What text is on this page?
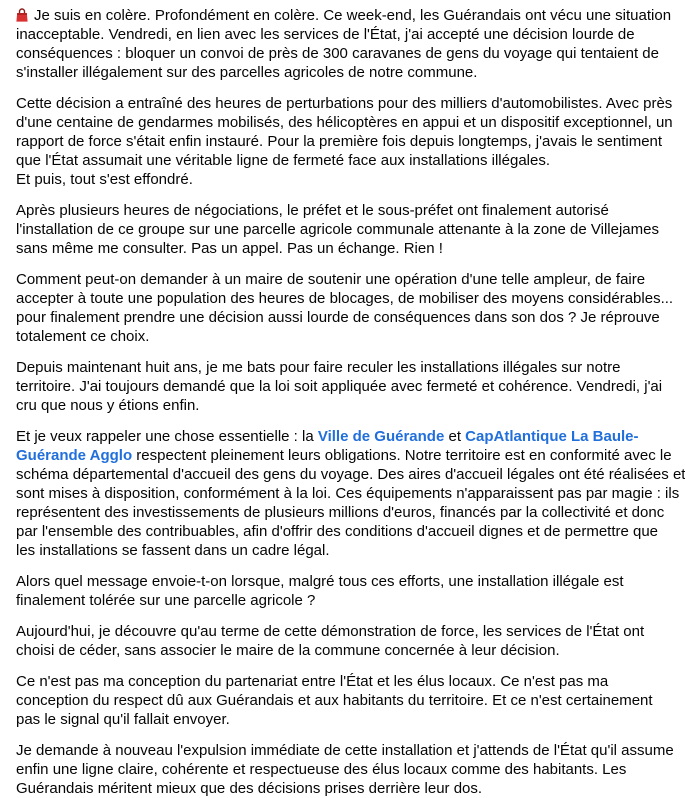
Je suis en colère. Profondément en colère. Ce week-end, les Guérandais ont vécu une situation
inacceptable. Vendredi, en lien avec les services de l'État, j'ai accepté une décision lourde de
conséquences : bloquer un convoi de près de 300 caravanes de gens du voyage qui tentaient de
s'installer illégalement sur des parcelles agricoles de notre commune.

Cette décision a entraîné des heures de perturbations pour des milliers d'automobilistes. Avec près
d'une centaine de gendarmes mobilisés, des hélicoptères en appui et un dispositif exceptionnel, un
rapport de force s'était enfin instauré. Pour la première fois depuis longtemps, j'avais le sentiment
que l'État assumait une véritable ligne de fermeté face aux installations illégales.
Et puis, tout s'est effondré.

Après plusieurs heures de négociations, le préfet et le sous-préfet ont finalement autorisé
l'installation de ce groupe sur une parcelle agricole communale attenante à la zone de Villejames
sans même me consulter. Pas un appel. Pas un échange. Rien !

Comment peut-on demander à un maire de soutenir une opération d'une telle ampleur, de faire
accepter à toute une population des heures de blocages, de mobiliser des moyens considérables...
pour finalement prendre une décision aussi lourde de conséquences dans son dos ? Je réprouve
totalement ce choix.

Depuis maintenant huit ans, je me bats pour faire reculer les installations illégales sur notre
territoire. J'ai toujours demandé que la loi soit appliquée avec fermeté et cohérence. Vendredi, j'ai
cru que nous y étions enfin.

Et je veux rappeler une chose essentielle : la Ville de Guérande et CapAtlantique La Baule-
Guérande Agglo respectent pleinement leurs obligations. Notre territoire est en conformité avec le
schéma départemental d'accueil des gens du voyage. Des aires d'accueil légales ont été réalisées et
sont mises à disposition, conformément à la loi. Ces équipements n'apparaissent pas par magie : ils
représentent des investissements de plusieurs millions d'euros, financés par la collectivité et donc
par l'ensemble des contribuables, afin d'offrir des conditions d'accueil dignes et de permettre que
les installations se fassent dans un cadre légal.

Alors quel message envoie-t-on lorsque, malgré tous ces efforts, une installation illégale est
finalement tolérée sur une parcelle agricole ?

Aujourd'hui, je découvre qu'au terme de cette démonstration de force, les services de l'État ont
choisi de céder, sans associer le maire de la commune concernée à leur décision.

Ce n'est pas ma conception du partenariat entre l'État et les élus locaux. Ce n'est pas ma
conception du respect dû aux Guérandais et aux habitants du territoire. Et ce n'est certainement
pas le signal qu'il fallait envoyer.

Je demande à nouveau l'expulsion immédiate de cette installation et j'attends de l'État qu'il assume
enfin une ligne claire, cohérente et respectueuse des élus locaux comme des habitants. Les
Guérandais méritent mieux que des décisions prises derrière leur dos.
